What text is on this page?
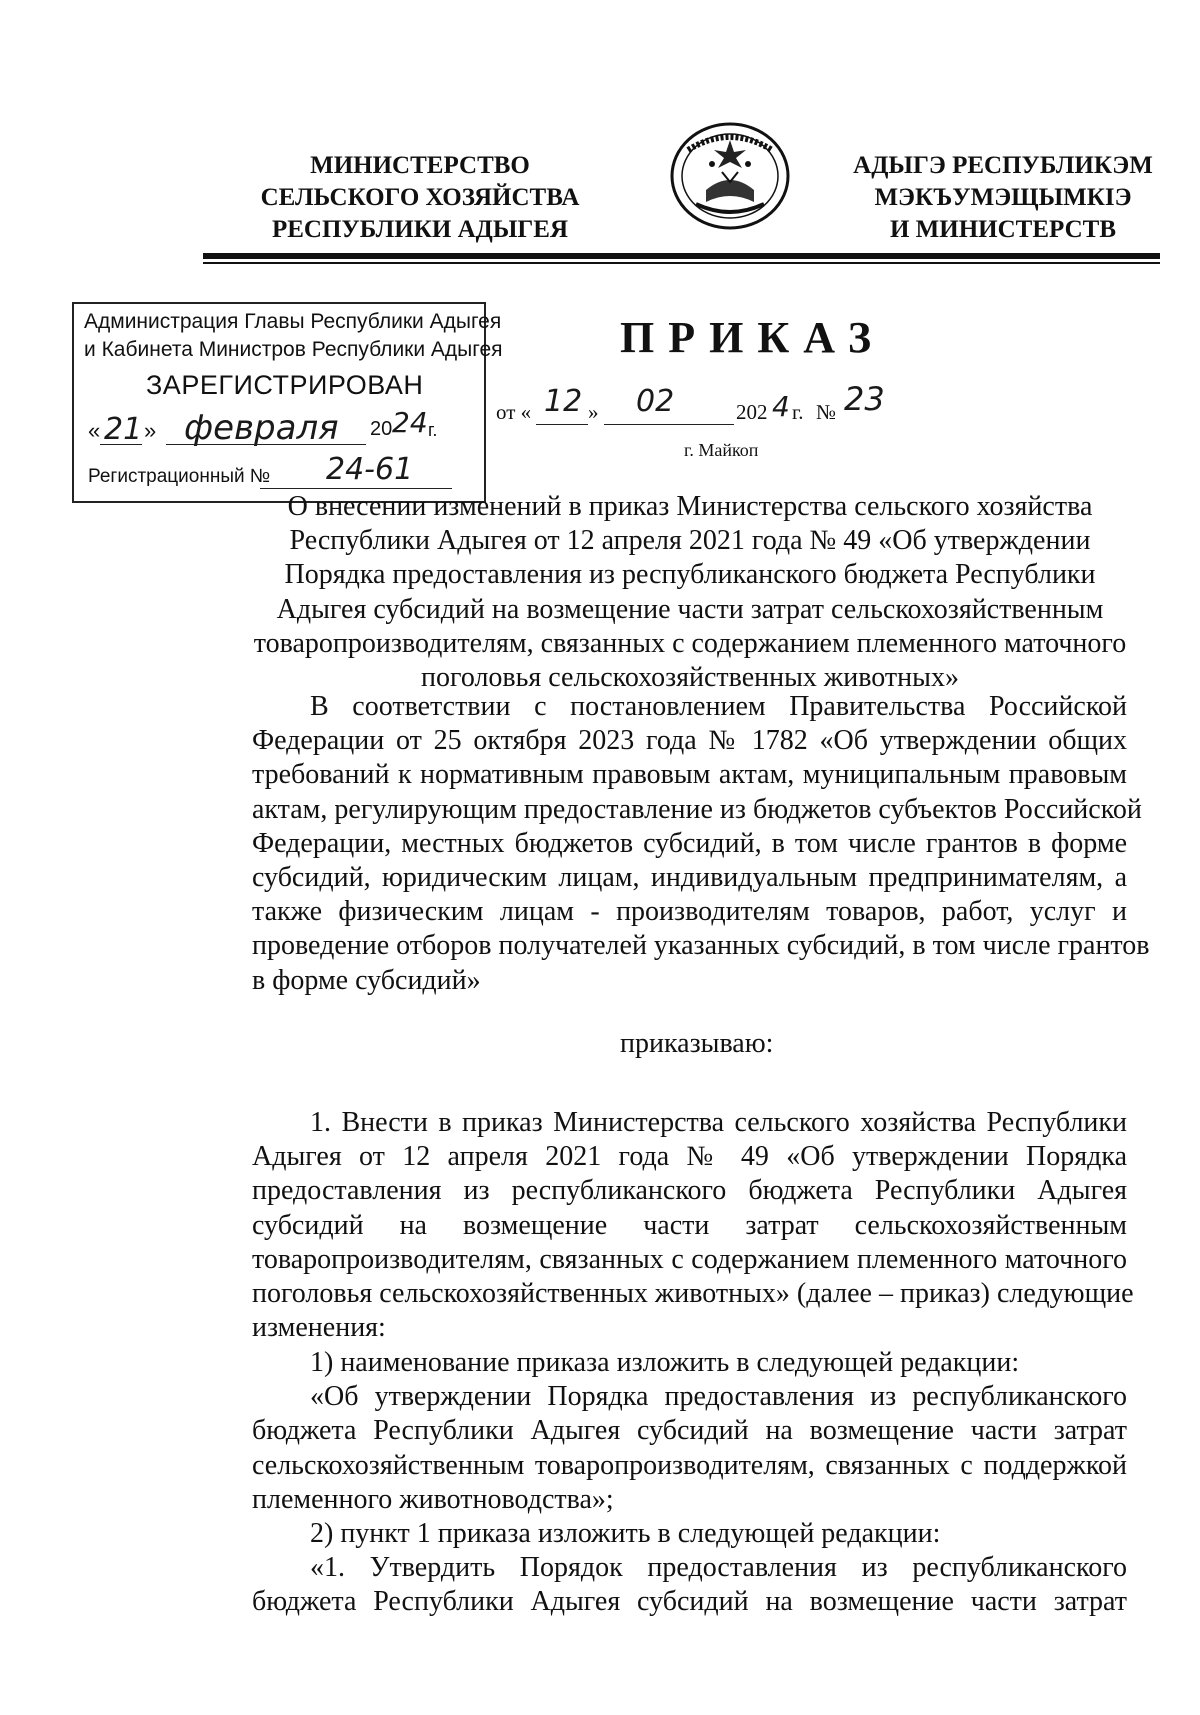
МИНИСТЕРСТВО
СЕЛЬСКОГО ХОЗЯЙСТВА
РЕСПУБЛИКИ АДЫГЕЯ
АДЫГЭ РЕСПУБЛИКЭМ
МЭКЪУМЭЩЫМКIЭ
И МИНИСТЕРСТВ
Администрация Главы Республики Адыгея
и Кабинета Министров Республики Адыгея
ЗАРЕГИСТРИРОВАН
« 21 » февраля 20 24 г.
Регистрационный № 24-61
ПРИКАЗ
от « 12 » 02	202 4 г. № 23
г. Майкоп
О внесении изменений в приказ Министерства сельского хозяйства
Республики Адыгея от 12 апреля 2021 года № 49 «Об утверждении
Порядка предоставления из республиканского бюджета Республики
Адыгея субсидий на возмещение части затрат сельскохозяйственным
товаропроизводителям, связанных с содержанием племенного маточного
поголовья сельскохозяйственных животных»
В соответствии с постановлением Правительства Российской
Федерации от 25 октября 2023 года № 1782 «Об утверждении общих
требований к нормативным правовым актам, муниципальным правовым
актам, регулирующим предоставление из бюджетов субъектов Российской
Федерации, местных бюджетов субсидий, в том числе грантов в форме
субсидий, юридическим лицам, индивидуальным предпринимателям, а
также физическим лицам - производителям товаров, работ, услуг и
проведение отборов получателей указанных субсидий, в том числе грантов
в форме субсидий»
приказываю:
1. Внести в приказ Министерства сельского хозяйства Республики
Адыгея от 12 апреля 2021 года № 49 «Об утверждении Порядка
предоставления из республиканского бюджета Республики Адыгея
субсидий на возмещение части затрат сельскохозяйственным
товаропроизводителям, связанных с содержанием племенного маточного
поголовья сельскохозяйственных животных» (далее – приказ) следующие
изменения:
1) наименование приказа изложить в следующей редакции:
«Об утверждении Порядка предоставления из республиканского
бюджета Республики Адыгея субсидий на возмещение части затрат
сельскохозяйственным товаропроизводителям, связанных с поддержкой
племенного животноводства»;
2) пункт 1 приказа изложить в следующей редакции:
«1. Утвердить Порядок предоставления из республиканского
бюджета Республики Адыгея субсидий на возмещение части затрат
